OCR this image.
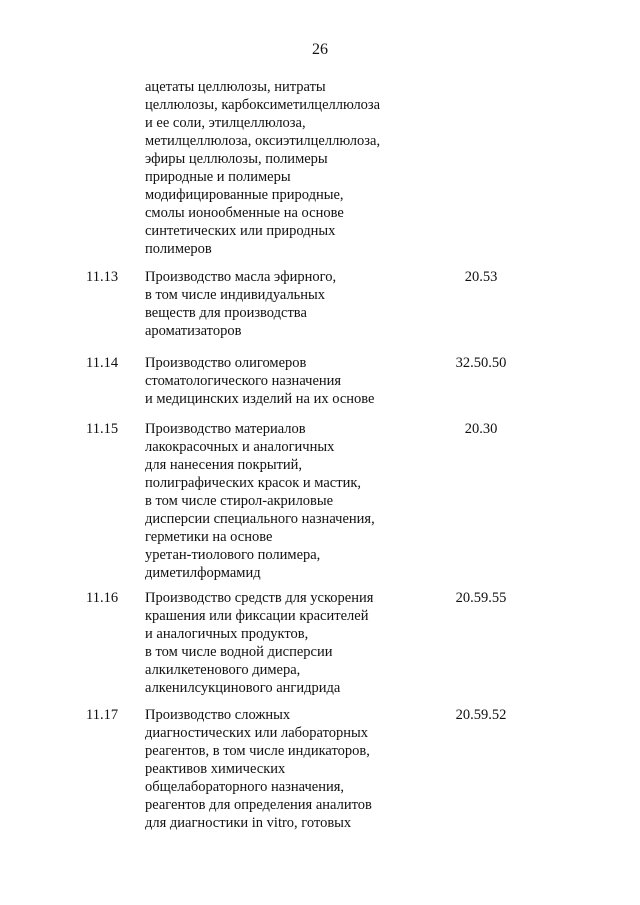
26
ацетаты целлюлозы, нитраты
целлюлозы, карбоксиметилцеллюлоза
и ее соли, этилцеллюлоза,
метилцеллюлоза, оксиэтилцеллюлоза,
эфиры целлюлозы, полимеры
природные и полимеры
модифицированные природные,
смолы ионообменные на основе
синтетических или природных
полимеров
11.13 Производство масла эфирного,
в том числе индивидуальных
веществ для производства
ароматизаторов
20.53
11.14 Производство олигомеров
стоматологического назначения
и медицинских изделий на их основе
32.50.50
11.15 Производство материалов
лакокрасочных и аналогичных
для нанесения покрытий,
полиграфических красок и мастик,
в том числе стирол-акриловые
дисперсии специального назначения,
герметики на основе
уретан-тиолового полимера,
диметилформамид
20.30
11.16 Производство средств для ускорения
крашения или фиксации красителей
и аналогичных продуктов,
в том числе водной дисперсии
алкилкетенового димера,
алкенилсукцинового ангидрида
20.59.55
11.17 Производство сложных
диагностических или лабораторных
реагентов, в том числе индикаторов,
реактивов химических
общелабораторного назначения,
реагентов для определения аналитов
для диагностики in vitro, готовых
20.59.52
